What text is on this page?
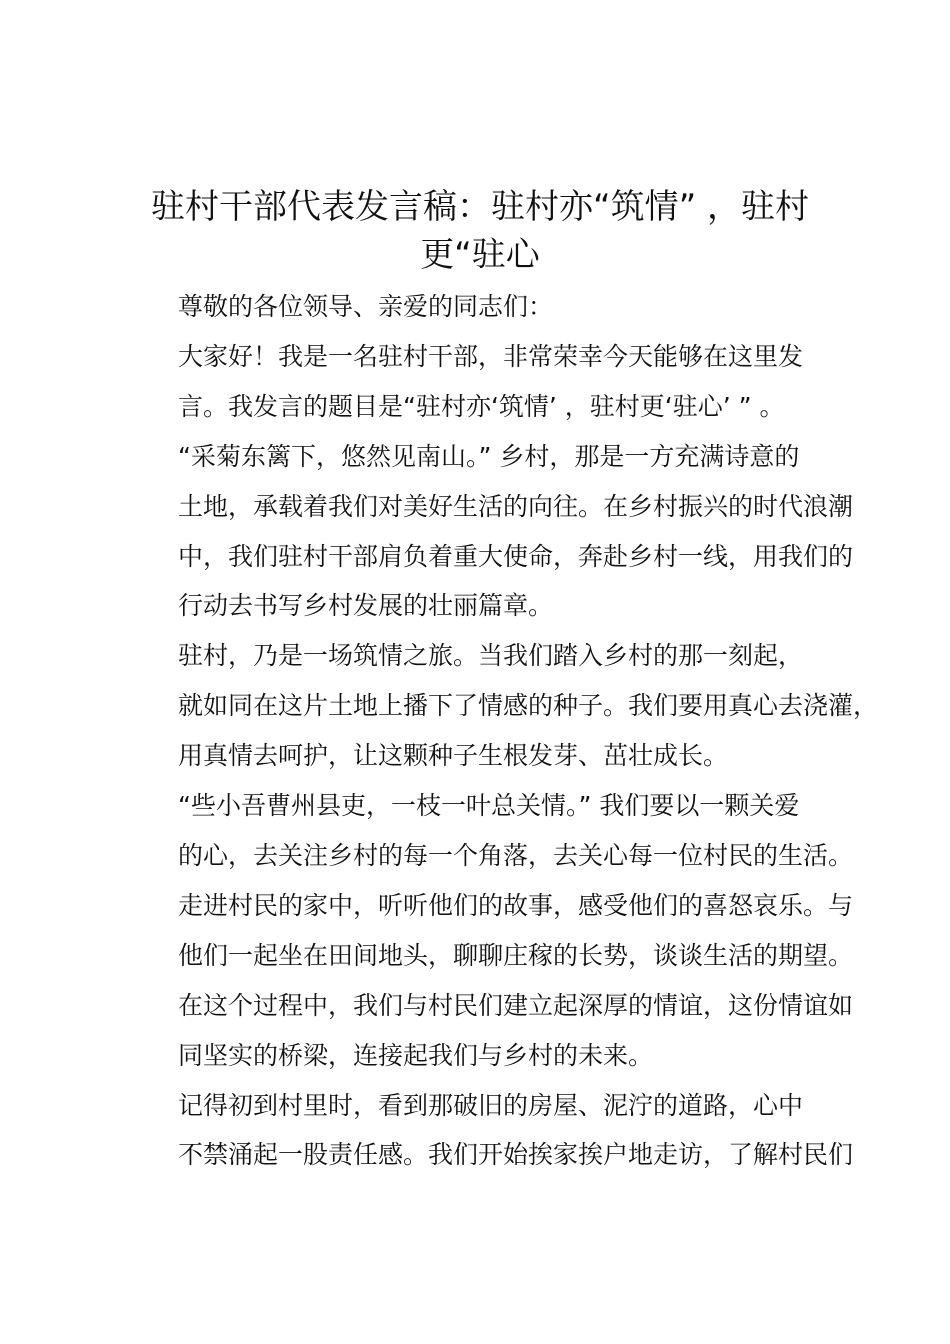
驻村干部代表发言稿：驻村亦“筑情” ，驻村
更“驻心

尊敬的各位领导、亲爱的同志们：

大家好！我是一名驻村干部，非常荣幸今天能够在这里发
言。我发言的题目是“驻村亦‘筑情’ ，驻村更‘驻心’ ” 。

“采菊东篱下，悠然见南山。” 乡村，那是一方充满诗意的
土地，承载着我们对美好生活的向往。在乡村振兴的时代浪潮
中，我们驻村干部肩负着重大使命，奔赴乡村一线，用我们的
行动去书写乡村发展的壮丽篇章。

驻村，乃是一场筑情之旅。当我们踏入乡村的那一刻起，
就如同在这片土地上播下了情感的种子。我们要用真心去浇灌，
用真情去呵护，让这颗种子生根发芽、茁壮成长。

“些小吾曹州县吏，一枝一叶总关情。” 我们要以一颗关爱
的心，去关注乡村的每一个角落，去关心每一位村民的生活。
走进村民的家中，听听他们的故事，感受他们的喜怒哀乐。与
他们一起坐在田间地头，聊聊庄稼的长势，谈谈生活的期望。
在这个过程中，我们与村民们建立起深厚的情谊，这份情谊如
同坚实的桥梁，连接起我们与乡村的未来。

记得初到村里时，看到那破旧的房屋、泥泞的道路，心中
不禁涌起一股责任感。我们开始挨家挨户地走访，了解村民们
